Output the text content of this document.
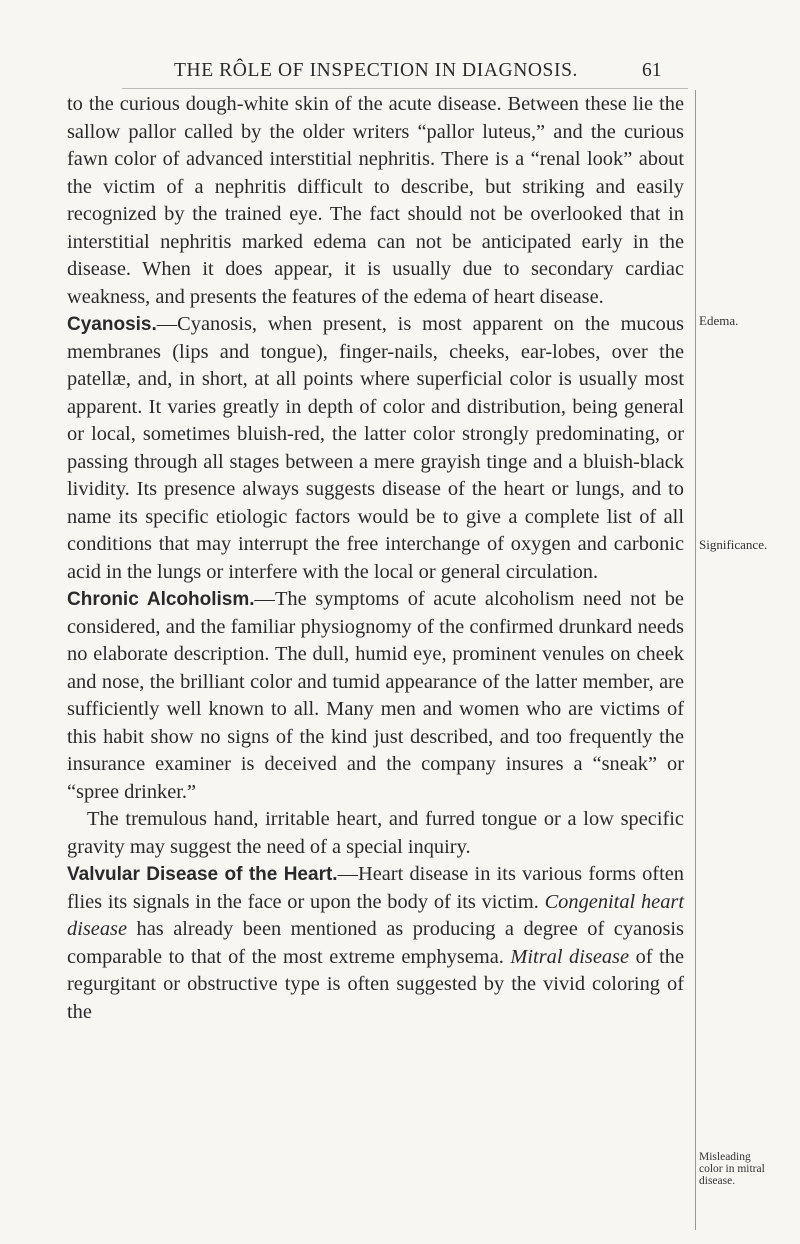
THE RÔLE OF INSPECTION IN DIAGNOSIS.	61

to the curious dough-white skin of the acute disease. Between these lie the sallow pallor called by the older writers “pallor luteus,” and the curious fawn color of advanced interstitial nephritis. There is a “renal look” about the victim of a nephritis difficult to describe, but striking and easily recognized by the trained eye. The fact should not be overlooked that in interstitial nephritis marked edema can not be anticipated early in the disease. When it does appear, it is usually due to secondary cardiac weakness, and presents the features of the edema of heart disease.

Cyanosis.—Cyanosis, when present, is most apparent on the mucous membranes (lips and tongue), finger-nails, cheeks, ear-lobes, over the patellæ, and, in short, at all points where superficial color is usually most apparent. It varies greatly in depth of color and distribution, being general or local, sometimes bluish-red, the latter color strongly predominating, or passing through all stages between a mere grayish tinge and a bluish-black lividity. Its presence always suggests disease of the heart or lungs, and to name its specific etiologic factors would be to give a complete list of all conditions that may interrupt the free interchange of oxygen and carbonic acid in the lungs or interfere with the local or general circulation.

Chronic Alcoholism.—The symptoms of acute alcoholism need not be considered, and the familiar physiognomy of the confirmed drunkard needs no elaborate description. The dull, humid eye, prominent venules on cheek and nose, the brilliant color and tumid appearance of the latter member, are sufficiently well known to all. Many men and women who are victims of this habit show no signs of the kind just described, and too frequently the insurance examiner is deceived and the company insures a “sneak” or “spree drinker.”

The tremulous hand, irritable heart, and furred tongue or a low specific gravity may suggest the need of a special inquiry.

Valvular Disease of the Heart.—Heart disease in its various forms often flies its signals in the face or upon the body of its victim. Congenital heart disease has already been mentioned as producing a degree of cyanosis comparable to that of the most extreme emphysema. Mitral disease of the regurgitant or obstructive type is often suggested by the vivid coloring of the

Edema.
Significance.
Misleading
color in mitral
disease.
